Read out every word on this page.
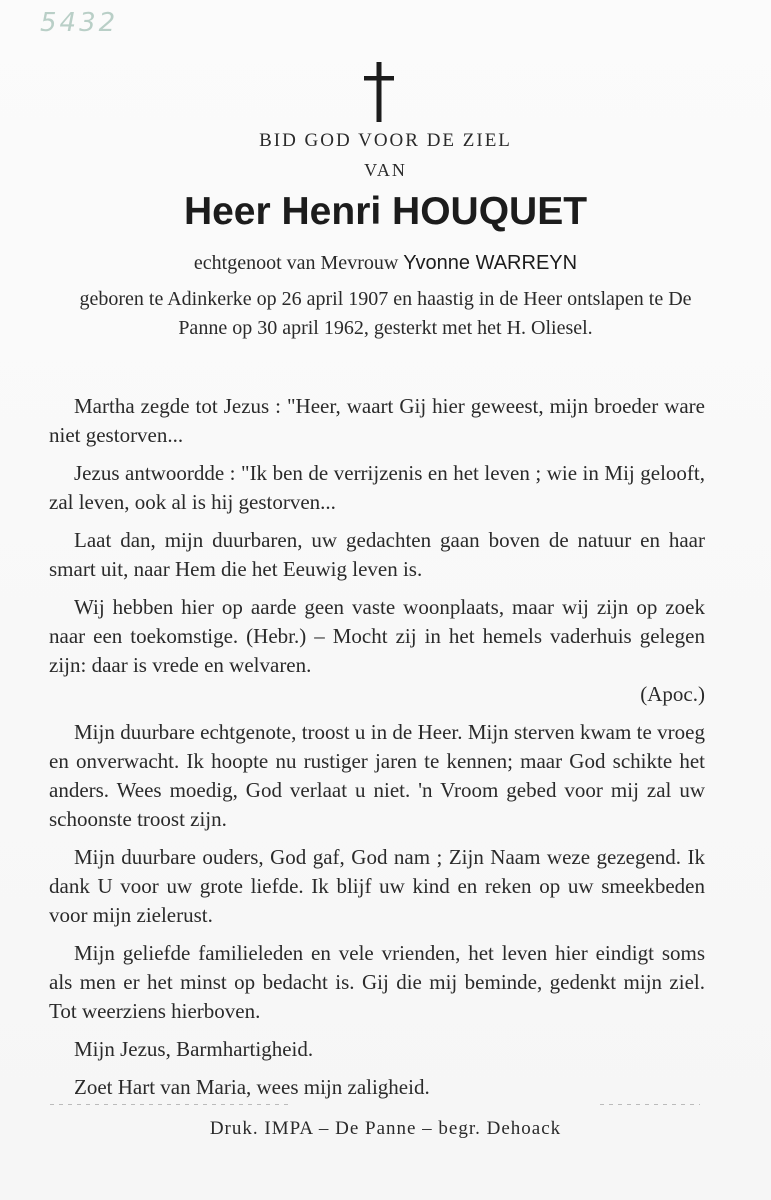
5432
BID GOD VOOR DE ZIEL
VAN
Heer Henri HOUQUET
echtgenoot van Mevrouw Yvonne WARREYN
geboren te Adinkerke op 26 april 1907 en haastig in de Heer ontslapen te De Panne op 30 april 1962, gesterkt met het H. Oliesel.

Martha zegde tot Jezus : "Heer, waart Gij hier geweest, mijn broeder ware niet gestorven...

Jezus antwoordde : "Ik ben de verrijzenis en het leven ; wie in Mij gelooft, zal leven, ook al is hij gestorven...

Laat dan, mijn duurbaren, uw gedachten gaan boven de natuur en haar smart uit, naar Hem die het Eeuwig leven is.

Wij hebben hier op aarde geen vaste woonplaats, maar wij zijn op zoek naar een toekomstige. (Hebr.) – Mocht zij in het hemels vaderhuis gelegen zijn: daar is vrede en welvaren.

(Apoc.)

Mijn duurbare echtgenote, troost u in de Heer. Mijn sterven kwam te vroeg en onverwacht. Ik hoopte nu rustiger jaren te kennen; maar God schikte het anders. Wees moedig, God verlaat u niet. 'n Vroom gebed voor mij zal uw schoonste troost zijn.

Mijn duurbare ouders, God gaf, God nam ; Zijn Naam weze gezegend. Ik dank U voor uw grote liefde. Ik blijf uw kind en reken op uw smeekbeden voor mijn zielerust.

Mijn geliefde familieleden en vele vrienden, het leven hier eindigt soms als men er het minst op bedacht is. Gij die mij beminde, gedenkt mijn ziel. Tot weerziens hierboven.

Mijn Jezus, Barmhartigheid.

Zoet Hart van Maria, wees mijn zaligheid.

Druk. IMPA – De Panne – begr. Dehoack
